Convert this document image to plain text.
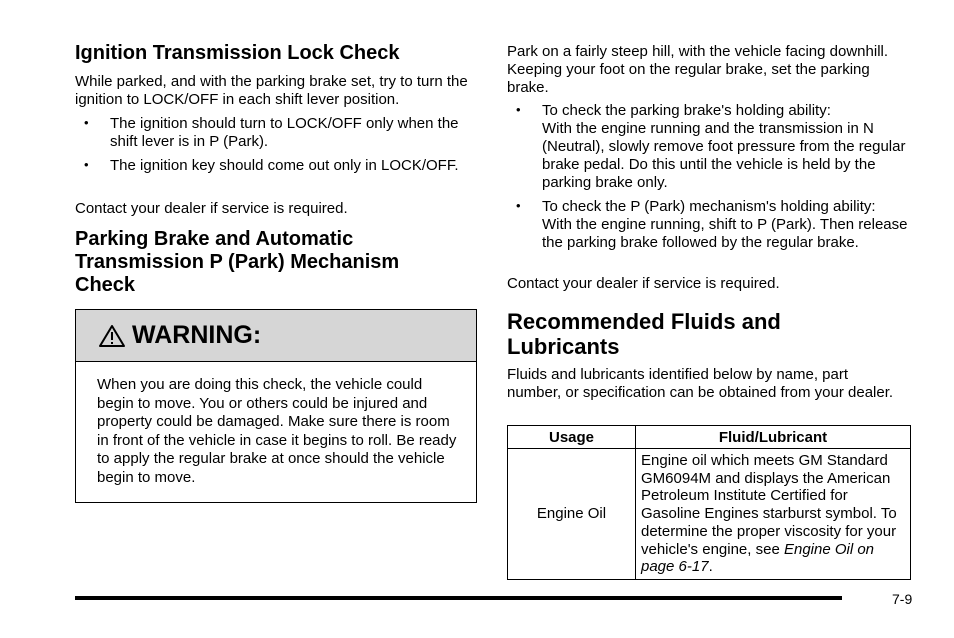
Ignition Transmission Lock Check

While parked, and with the parking brake set, try to turn the ignition to LOCK/OFF in each shift lever position.

• The ignition should turn to LOCK/OFF only when the shift lever is in P (Park).
• The ignition key should come out only in LOCK/OFF.

Contact your dealer if service is required.

Parking Brake and Automatic Transmission P (Park) Mechanism Check
WARNING:
When you are doing this check, the vehicle could begin to move. You or others could be injured and property could be damaged. Make sure there is room in front of the vehicle in case it begins to roll. Be ready to apply the regular brake at once should the vehicle begin to move.

Park on a fairly steep hill, with the vehicle facing downhill. Keeping your foot on the regular brake, set the parking brake.

• To check the parking brake's holding ability:
With the engine running and the transmission in N (Neutral), slowly remove foot pressure from the regular brake pedal. Do this until the vehicle is held by the parking brake only.
• To check the P (Park) mechanism's holding ability:
With the engine running, shift to P (Park). Then release the parking brake followed by the regular brake.

Contact your dealer if service is required.

Recommended Fluids and Lubricants

Fluids and lubricants identified below by name, part number, or specification can be obtained from your dealer.

Usage	Fluid/Lubricant
Engine Oil	Engine oil which meets GM Standard GM6094M and displays the American Petroleum Institute Certified for Gasoline Engines starburst symbol. To determine the proper viscosity for your vehicle's engine, see Engine Oil on page 6-17.
7-9
